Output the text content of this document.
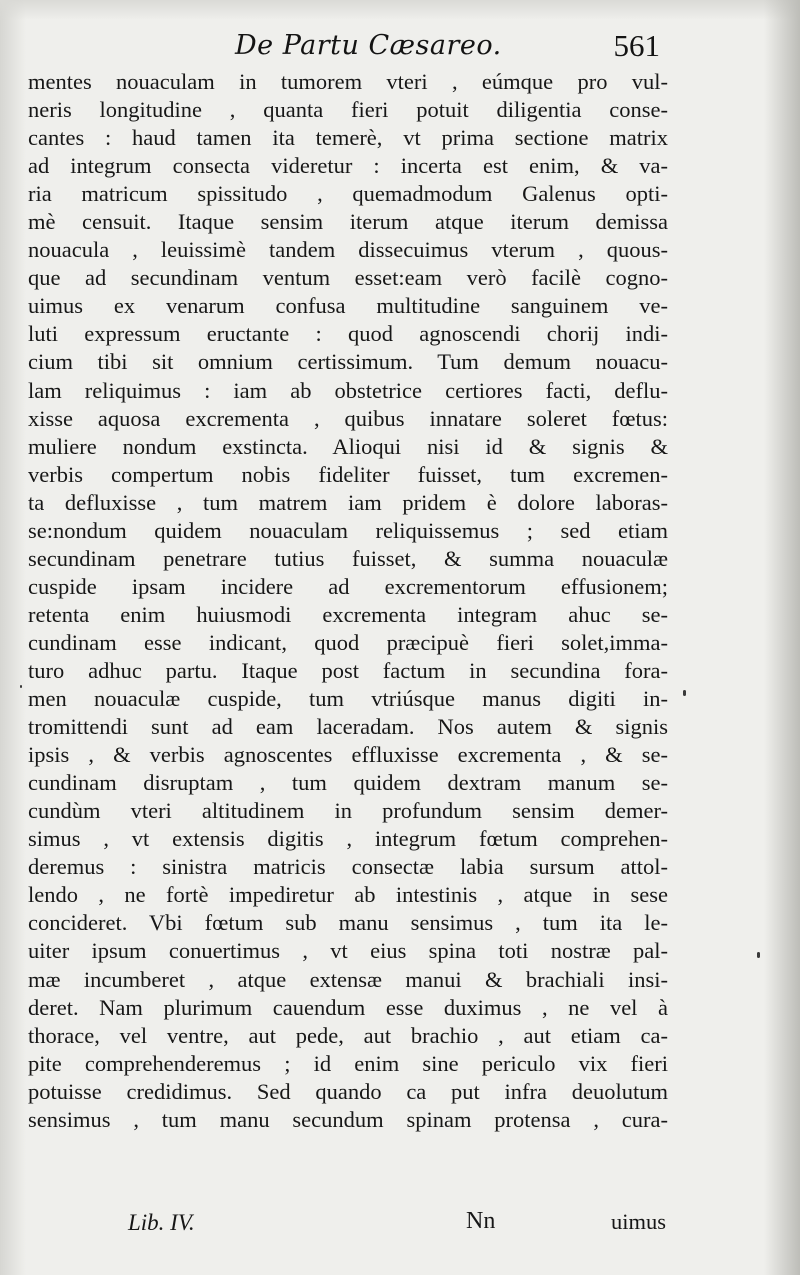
De Partu Cæsareo.	561
mentes nouaculam in tumorem vteri , eúmque pro vul-
neris longitudine , quanta fieri potuit diligentia conse-
cantes : haud tamen ita temerè, vt prima sectione matrix
ad integrum consecta videretur : incerta est enim, & va-
ria matricum spissitudo , quemadmodum Galenus opti-
mè censuit. Itaque sensim iterum atque iterum demissa
nouacula , leuissimè tandem dissecuimus vterum , quous-
que ad secundinam ventum esset:eam verò facilè cogno-
uimus ex venarum confusa multitudine sanguinem ve-
luti expressum eructante : quod agnoscendi chorij indi-
cium tibi sit omnium certissimum. Tum demum nouacu-
lam reliquimus : iam ab obstetrice certiores facti, deflu-
xisse aquosa excrementa , quibus innatare soleret fœtus:
muliere nondum exstincta. Alioqui nisi id & signis &
verbis compertum nobis fideliter fuisset, tum excremen-
ta defluxisse , tum matrem iam pridem è dolore laboras-
se:nondum quidem nouaculam reliquissemus ; sed etiam
secundinam penetrare tutius fuisset, & summa nouaculæ
cuspide ipsam incidere ad excrementorum effusionem;
retenta enim huiusmodi excrementa integram ahuc se-
cundinam esse indicant, quod præcipuè fieri solet,imma-
turo adhuc partu. Itaque post factum in secundina fora-
men nouaculæ cuspide, tum vtriúsque manus digiti in-
tromittendi sunt ad eam laceradam. Nos autem & signis
ipsis , & verbis agnoscentes effluxisse excrementa , & se-
cundinam disruptam , tum quidem dextram manum se-
cundùm vteri altitudinem in profundum sensim demer-
simus , vt extensis digitis , integrum fœtum comprehen-
deremus : sinistra matricis consectæ labia sursum attol-
lendo , ne fortè impediretur ab intestinis , atque in sese
concideret. Vbi fœtum sub manu sensimus , tum ita le-
uiter ipsum conuertimus , vt eius spina toti nostræ pal-
mæ incumberet , atque extensæ manui & brachiali insi-
deret. Nam plurimum cauendum esse duximus , ne vel à
thorace, vel ventre, aut pede, aut brachio , aut etiam ca-
pite comprehenderemus ; id enim sine periculo vix fieri
potuisse credidimus. Sed quando ca put infra deuolutum
sensimus , tum manu secundum spinam protensa , cura-
Lib. IV.	Nn	uimus
